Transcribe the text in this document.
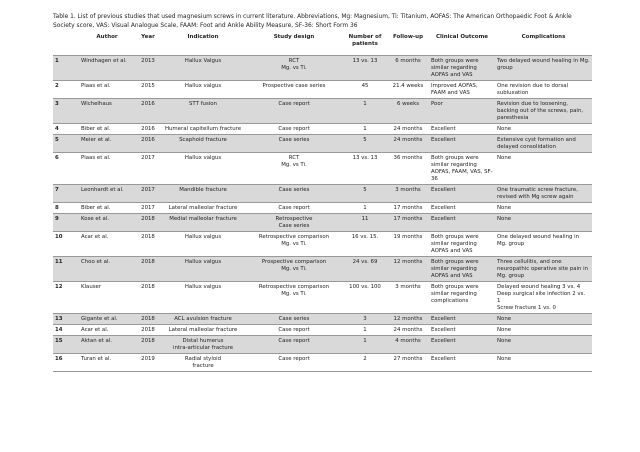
Table 1. List of previous studies that used magnesium screws in current literature. Abbreviations, Mg: Magnesium, Ti: Titanium, AOFAS: The American Orthopaedic Foot & Ankle Society score, VAS: Visual Analogue Scale, FAAM: Foot and Ankle Ability Measure, SF-36: Short Form 36
	Author	Year	Indication	Study design	Number of patients	Follow-up	Clinical Outcome	Complications
1	Windhagen et al.	2013	Hallux Valgus	RCT
Mg. vs Ti.	13 vs. 13	6 months	Both groups were similar regarding AOFAS and VAS	Two delayed wound healing in Mg. group
2	Plaas et al.	2015	Hallux valgus	Prospective case series	45	21.4 weeks	Improved AOFAS, FAAM and VAS	One revision due to dorsal subluxation
3	Wichelhaus	2016	STT fusion	Case report	1	6 weeks	Poor	Revision due to loosening, backing out of the screws, pain, paresthesia
4	Biber et al.	2016	Humeral capitellum fracture	Case report	1	24 months	Excellent	None
5	Meier et al.	2016	Scaphoid fracture	Case series	5	24 months	Excellent	Extensive cyst formation and delayed consolidation
6	Plaas et al.	2017	Hallux valgus	RCT
Mg. vs Ti.	13 vs. 13	36 months	Both groups were similar regarding AOFAS, FAAM, VAS, SF-36	None
7	Leonhardt et al.	2017	Mandible fracture	Case series	5	3 months	Excellent	One traumatic screw fracture, revised with Mg screw again
8	Biber et al.	2017	Lateral malleolar fracture	Case report	1	17 months	Excellent	None
9	Kose et al.	2018	Medial malleolar fracture	Retrospective
Case series	11	17 months	Excellent	None
10	Acar et al.	2018	Hallux valgus	Retrospective comparison
Mg. vs Ti.	16 vs. 15.	19 months	Both groups were similar regarding AOFAS and VAS	One delayed wound healing in Mg. group
11	Choo et al.	2018	Hallux valgus	Prospective comparison
Mg. vs Ti.	24 vs. 69	12 months	Both groups were similar regarding AOFAS and VAS	Three cellulitis, and one neuropathic operative site pain in Mg. group
12	Klauser	2018	Hallux valgus	Retrospective comparison
Mg. vs Ti.	100 vs. 100	3 months	Both groups were similar regarding complications	Delayed wound healing 3 vs. 4
Deep surgical site infection 2 vs. 1
Screw fracture 1 vs. 0
13	Gigante et al.	2018	ACL avulsion fracture	Case series	3	12 months	Excellent	None
14	Acar et al.	2018	Lateral malleolar fracture	Case report	1	24 months	Excellent	None
15	Aktan et al.	2018	Distal humerus
intra-articular fracture	Case report	1	4 months	Excellent	None
16	Turan et al.	2019	Radial styloid
fracture	Case report	2	27 months	Excellent	None
